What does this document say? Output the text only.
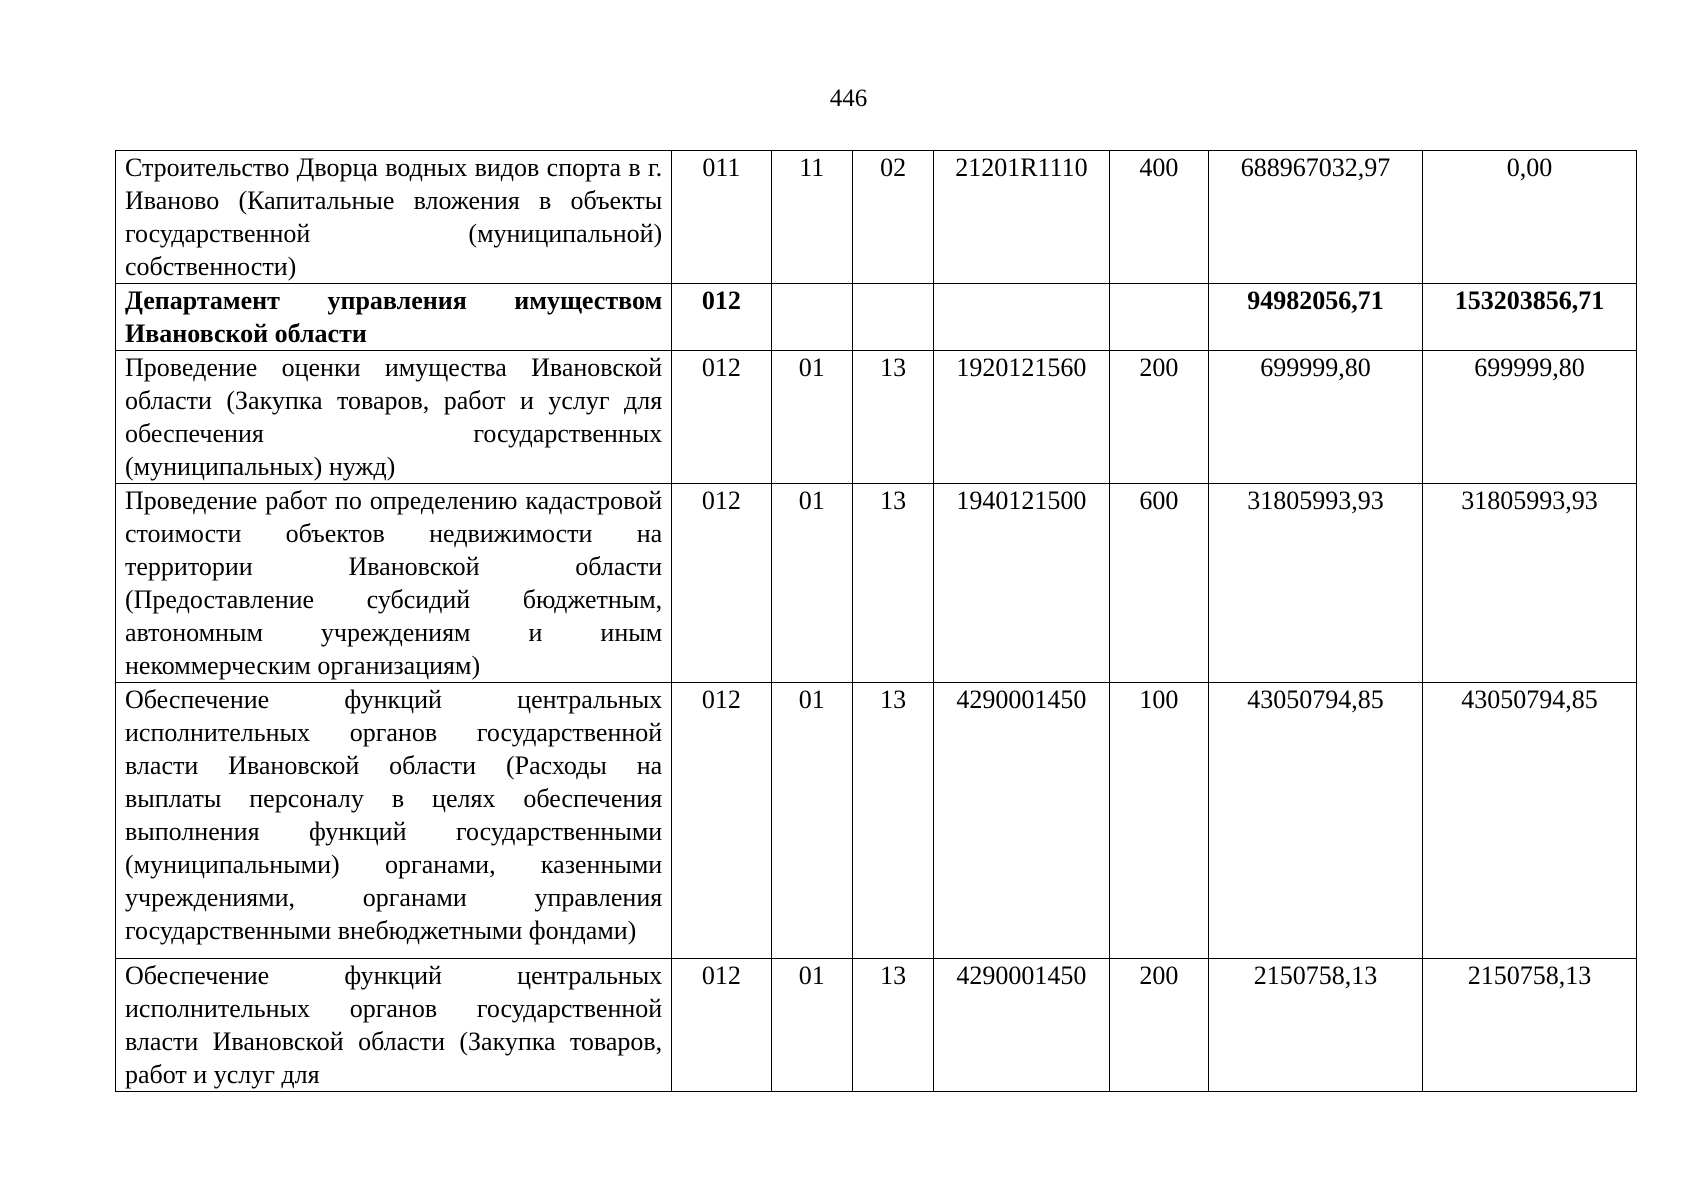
446
Строительство Дворца водных видов спорта в г. Иваново (Капитальные вложения в объекты государственной (муниципальной) собственности)	011	11	02	21201R1110	400	688967032,97	0,00
Департамент управления имуществом Ивановской области	012					94982056,71	153203856,71
Проведение оценки имущества Ивановской области (Закупка товаров, работ и услуг для обеспечения государственных (муниципальных) нужд)	012	01	13	1920121560	200	699999,80	699999,80
Проведение работ по определению кадастровой стоимости объектов недвижимости на территории Ивановской области (Предоставление субсидий бюджетным, автономным учреждениям и иным некоммерческим организациям)	012	01	13	1940121500	600	31805993,93	31805993,93
Обеспечение функций центральных исполнительных органов государственной власти Ивановской области (Расходы на выплаты персоналу в целях обеспечения выполнения функций государственными (муниципальными) органами, казенными учреждениями, органами управления государственными внебюджетными фондами)	012	01	13	4290001450	100	43050794,85	43050794,85
Обеспечение функций центральных исполнительных органов государственной власти Ивановской области (Закупка товаров, работ и услуг для	012	01	13	4290001450	200	2150758,13	2150758,13
